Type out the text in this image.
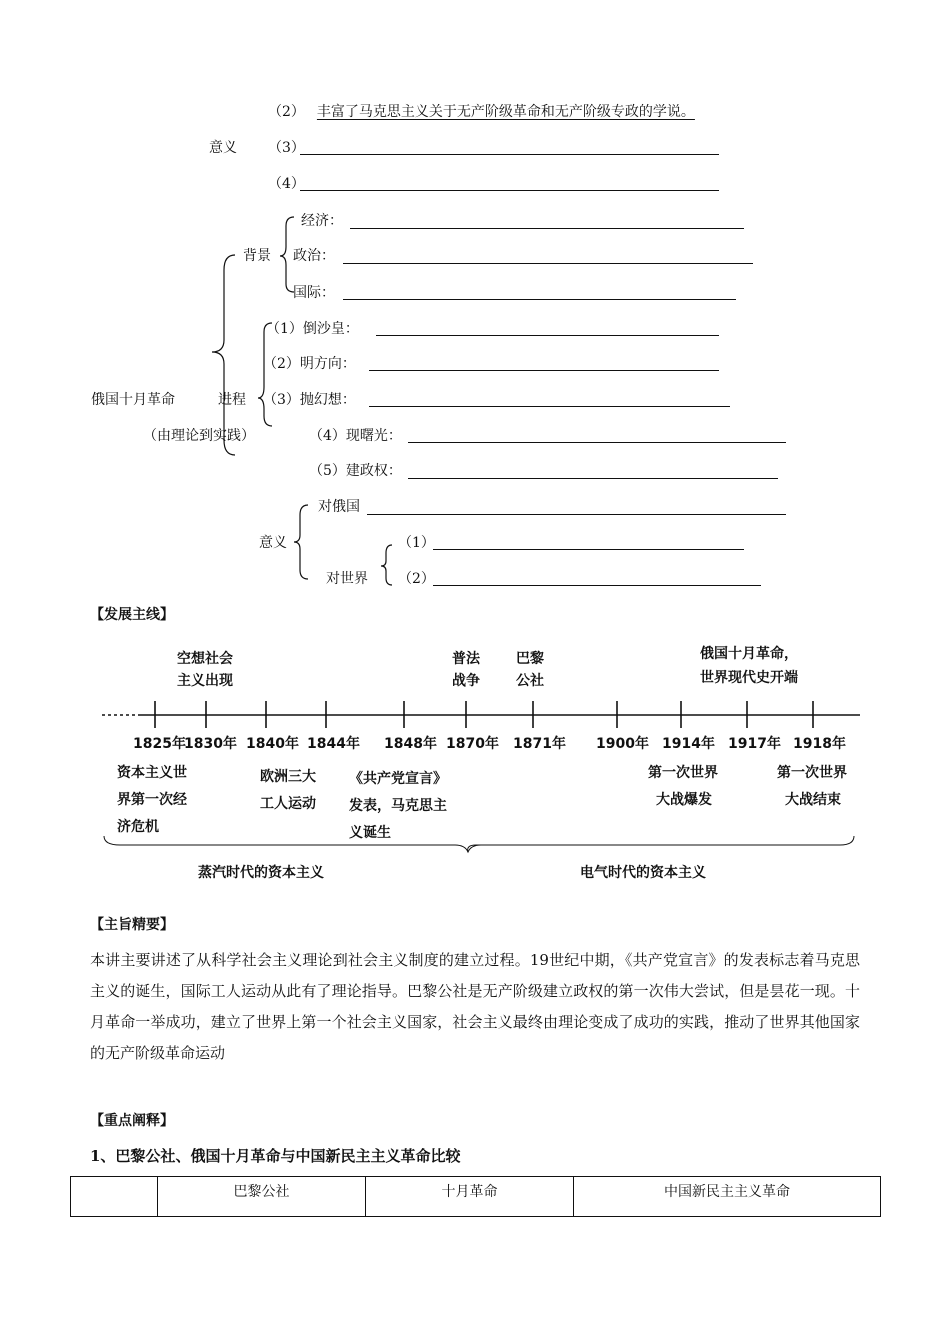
（2） 丰富了马克思主义关于无产阶级革命和无产阶级专政的学说。
意义 （3）
（4）
经济：
背景 政治：
国际：
（1）倒沙皇：
（2）明方向：
俄国十月革命	进程 （3）抛幻想：
（由理论到实践）	（4）现曙光：
（5）建政权：
对俄国
意义	（1）
对世界 （2）
【发展主线】
空想社会
主义出现
普法
战争
巴黎
公社
俄国十月革命，
世界现代史开端
1825年
1830年 1840年 1844年 1848年 1870年 1871年 1900年 1914年 1917年 1918年
资本主义世
界第一次经
济危机
欧洲三大
工人运动
《共产党宣言》
发表，马克思主
义诞生
第一次世界
大战爆发
第一次世界
大战结束
蒸汽时代的资本主义	电气时代的资本主义
【主旨精要】
本讲主要讲述了从科学社会主义理论到社会主义制度的建立过程。19世纪中期，《共产党宣言》的发表标志着马克思主义的诞生，国际工人运动从此有了理论指导。巴黎公社是无产阶级建立政权的第一次伟大尝试，但是昙花一现。十月革命一举成功，建立了世界上第一个社会主义国家，社会主义最终由理论变成了成功的实践，推动了世界其他国家的无产阶级革命运动
【重点阐释】
1、巴黎公社、俄国十月革命与中国新民主主义革命比较
	巴黎公社	十月革命	中国新民主主义革命
